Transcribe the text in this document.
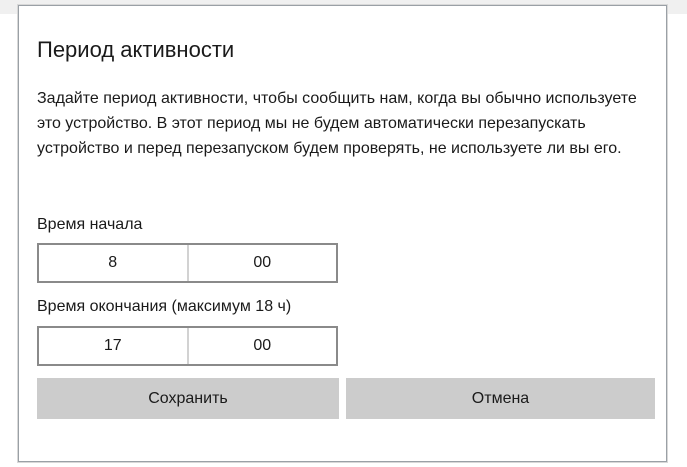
Период активности
Задайте период активности, чтобы сообщить нам, когда вы обычно используете это устройство. В этот период мы не будем автоматически перезапускать устройство и перед перезапуском будем проверять, не используете ли вы его.
Время начала
8	00
Время окончания (максимум 18 ч)
17	00
Сохранить	Отмена
